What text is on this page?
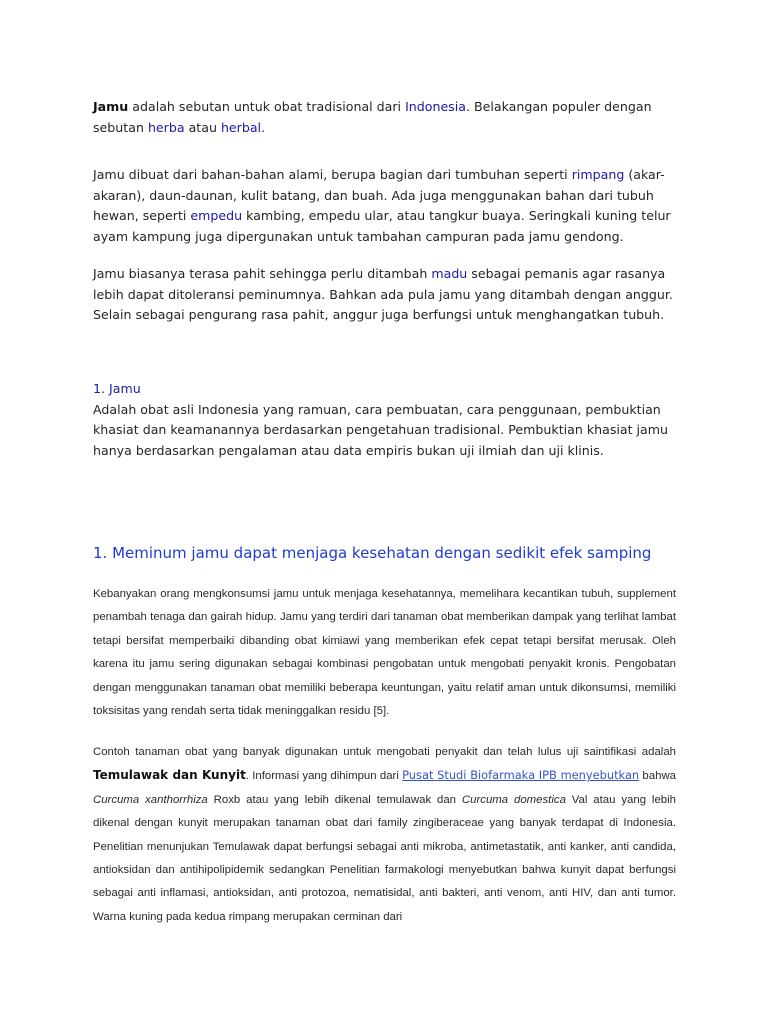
Jamu adalah sebutan untuk obat tradisional dari Indonesia. Belakangan populer dengan sebutan herba atau herbal.

Jamu dibuat dari bahan-bahan alami, berupa bagian dari tumbuhan seperti rimpang (akar-akaran), daun-daunan, kulit batang, dan buah. Ada juga menggunakan bahan dari tubuh hewan, seperti empedu kambing, empedu ular, atau tangkur buaya. Seringkali kuning telur ayam kampung juga dipergunakan untuk tambahan campuran pada jamu gendong.

Jamu biasanya terasa pahit sehingga perlu ditambah madu sebagai pemanis agar rasanya lebih dapat ditoleransi peminumnya. Bahkan ada pula jamu yang ditambah dengan anggur. Selain sebagai pengurang rasa pahit, anggur juga berfungsi untuk menghangatkan tubuh.

1. Jamu
Adalah obat asli Indonesia yang ramuan, cara pembuatan, cara penggunaan, pembuktian khasiat dan keamanannya berdasarkan pengetahuan tradisional. Pembuktian khasiat jamu hanya berdasarkan pengalaman atau data empiris bukan uji ilmiah dan uji klinis.
1. Meminum jamu dapat menjaga kesehatan dengan sedikit efek samping

Kebanyakan orang mengkonsumsi jamu untuk menjaga kesehatannya, memelihara kecantikan tubuh, supplement penambah tenaga dan gairah hidup. Jamu yang terdiri dari tanaman obat memberikan dampak yang terlihat lambat tetapi bersifat memperbaiki dibanding obat kimiawi yang memberikan efek cepat tetapi bersifat merusak. Oleh karena itu jamu sering digunakan sebagai kombinasi pengobatan untuk mengobati penyakit kronis. Pengobatan dengan menggunakan tanaman obat memiliki beberapa keuntungan, yaitu relatif aman untuk dikonsumsi, memiliki toksisitas yang rendah serta tidak meninggalkan residu [5].

Contoh tanaman obat yang banyak digunakan untuk mengobati penyakit dan telah lulus uji saintifikasi adalah Temulawak dan Kunyit. Informasi yang dihimpun dari Pusat Studi Biofarmaka IPB menyebutkan bahwa Curcuma xanthorrhiza Roxb atau yang lebih dikenal temulawak dan Curcuma domestica Val atau yang lebih dikenal dengan kunyit merupakan tanaman obat dari family zingiberaceae yang banyak terdapat di Indonesia. Penelitian menunjukan Temulawak dapat berfungsi sebagai anti mikroba, antimetastatik, anti kanker, anti candida, antioksidan dan antihipolipidemik sedangkan Penelitian farmakologi menyebutkan bahwa kunyit dapat berfungsi sebagai anti inflamasi, antioksidan, anti protozoa, nematisidal, anti bakteri, anti venom, anti HIV, dan anti tumor. Warna kuning pada kedua rimpang merupakan cerminan dari
